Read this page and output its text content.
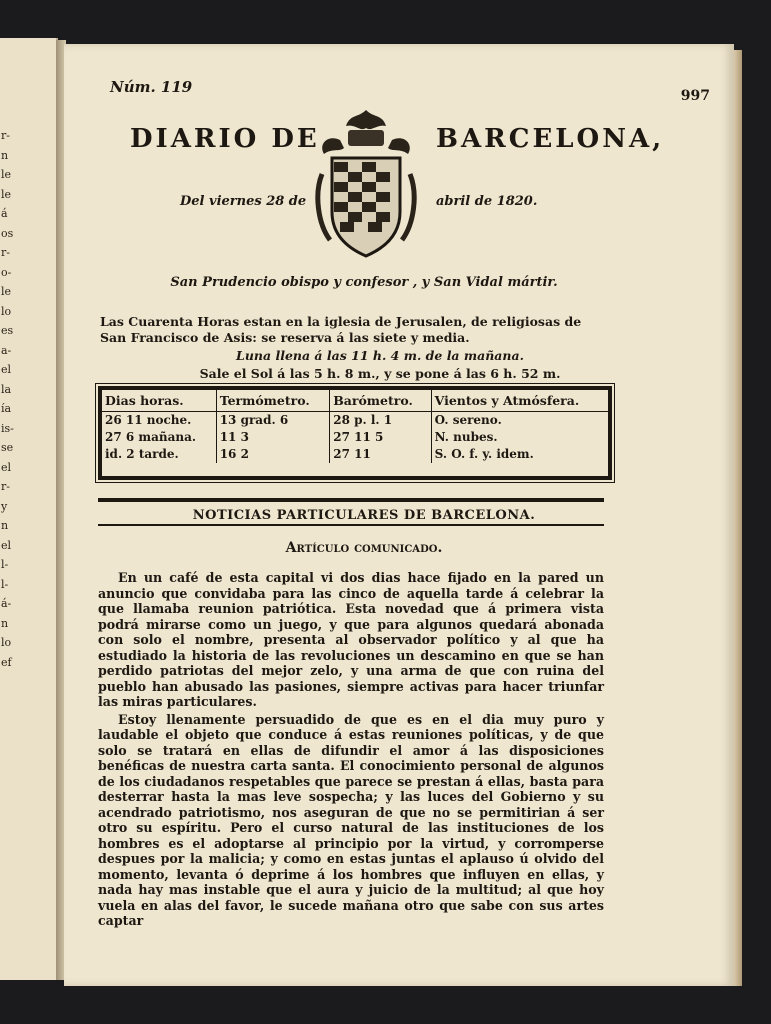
r-
n
le
le
á
os
r-
o-
le
lo
es
a-
el
la
ía
is-
se
el
r-
y
n
el
l-
l-
á-
n
lo
ef
Núm. 119	997
DIARIO DE	BARCELONA,
Del viernes 28 de	abril de 1820.
San Prudencio obispo y confesor , y San Vidal mártir.
Las Cuarenta Horas estan en la iglesia de Jerusalen, de religiosas de
San Francisco de Asis: se reserva á las siete y media.
Luna llena á las 11 h. 4 m. de la mañana.
Sale el Sol á las 5 h. 8 m., y se pone á las 6 h. 52 m.
Dias horas.	Termómetro.	Barómetro.	Vientos y Atmósfera.
26 11 noche.	13 grad. 6	28 p. l. 1	O. sereno.
27 6 mañana.	11 3	27 11 5	N. nubes.
id. 2 tarde.	16 2	27 11	S. O. f. y. idem.
NOTICIAS PARTICULARES DE BARCELONA.
Artículo comunicado.

En un café de esta capital vi dos dias hace fijado en la pared un anuncio que convidaba para las cinco de aquella tarde á celebrar la que llamaba reunion patriótica. Esta novedad que á primera vista podrá mirarse como un juego, y que para algunos quedará abonada con solo el nombre, presenta al observador político y al que ha estudiado la historia de las revoluciones un descamino en que se han perdido patriotas del mejor zelo, y una arma de que con ruina del pueblo han abusado las pasiones, siempre activas para hacer triunfar las miras particulares.

Estoy llenamente persuadido de que es en el dia muy puro y laudable el objeto que conduce á estas reuniones políticas, y de que solo se tratará en ellas de difundir el amor á las disposiciones benéficas de nuestra carta santa. El conocimiento personal de algunos de los ciudadanos respetables que parece se prestan á ellas, basta para desterrar hasta la mas leve sospecha; y las luces del Gobierno y su acendrado patriotismo, nos aseguran de que no se permitirian á ser otro su espíritu. Pero el curso natural de las instituciones de los hombres es el adoptarse al principio por la virtud, y corromperse despues por la malicia; y como en estas juntas el aplauso ú olvido del momento, levanta ó deprime á los hombres que influyen en ellas, y nada hay mas instable que el aura y juicio de la multitud; al que hoy vuela en alas del favor, le sucede mañana otro que sabe con sus artes captar
